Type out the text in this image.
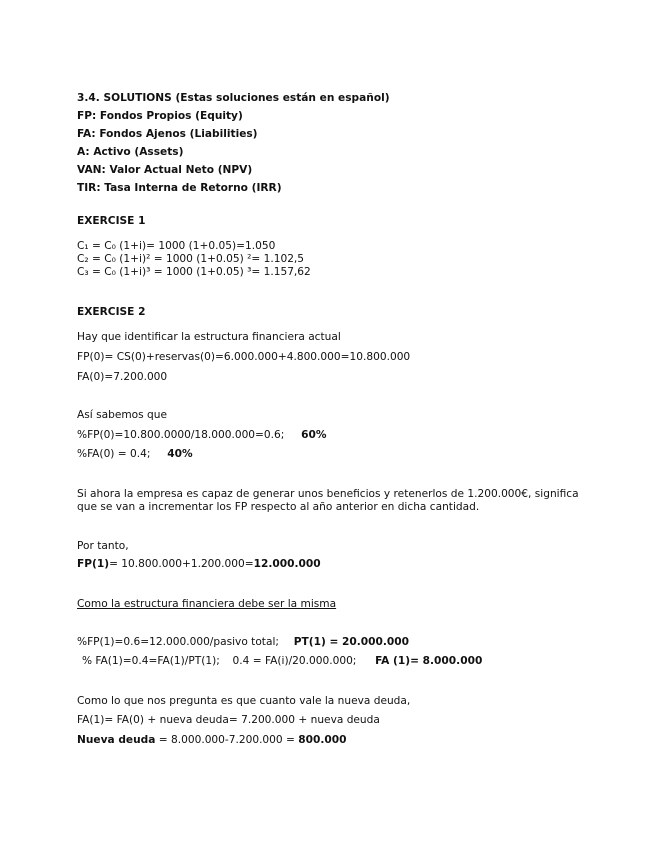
3.4. SOLUTIONS (Estas soluciones están en español)
FP: Fondos Propios (Equity)
FA: Fondos Ajenos (Liabilities)
A: Activo (Assets)
VAN: Valor Actual Neto (NPV)
TIR: Tasa Interna de Retorno (IRR)
EXERCISE 1
C₁ = C₀ (1+i)= 1000 (1+0.05)=1.050
C₂ = C₀ (1+i)² = 1000 (1+0.05) ²= 1.102,5
C₃ = C₀ (1+i)³ = 1000 (1+0.05) ³= 1.157,62
EXERCISE 2
Hay que identificar la estructura financiera actual
FP(0)= CS(0)+reservas(0)=6.000.000+4.800.000=10.800.000
FA(0)=7.200.000
Así sabemos que
%FP(0)=10.800.0000/18.000.000=0.6; 60%
%FA(0) = 0.4; 40%
Si ahora la empresa es capaz de generar unos beneficios y retenerlos de 1.200.000€, significa
que se van a incrementar los FP respecto al año anterior en dicha cantidad.
Por tanto,
FP(1)= 10.800.000+1.200.000=12.000.000
Como la estructura financiera debe ser la misma
%FP(1)=0.6=12.000.000/pasivo total; PT(1) = 20.000.000
% FA(1)=0.4=FA(1)/PT(1); 0.4 = FA(i)/20.000.000; FA (1)= 8.000.000
Como lo que nos pregunta es que cuanto vale la nueva deuda,
FA(1)= FA(0) + nueva deuda= 7.200.000 + nueva deuda
Nueva deuda = 8.000.000-7.200.000 = 800.000
